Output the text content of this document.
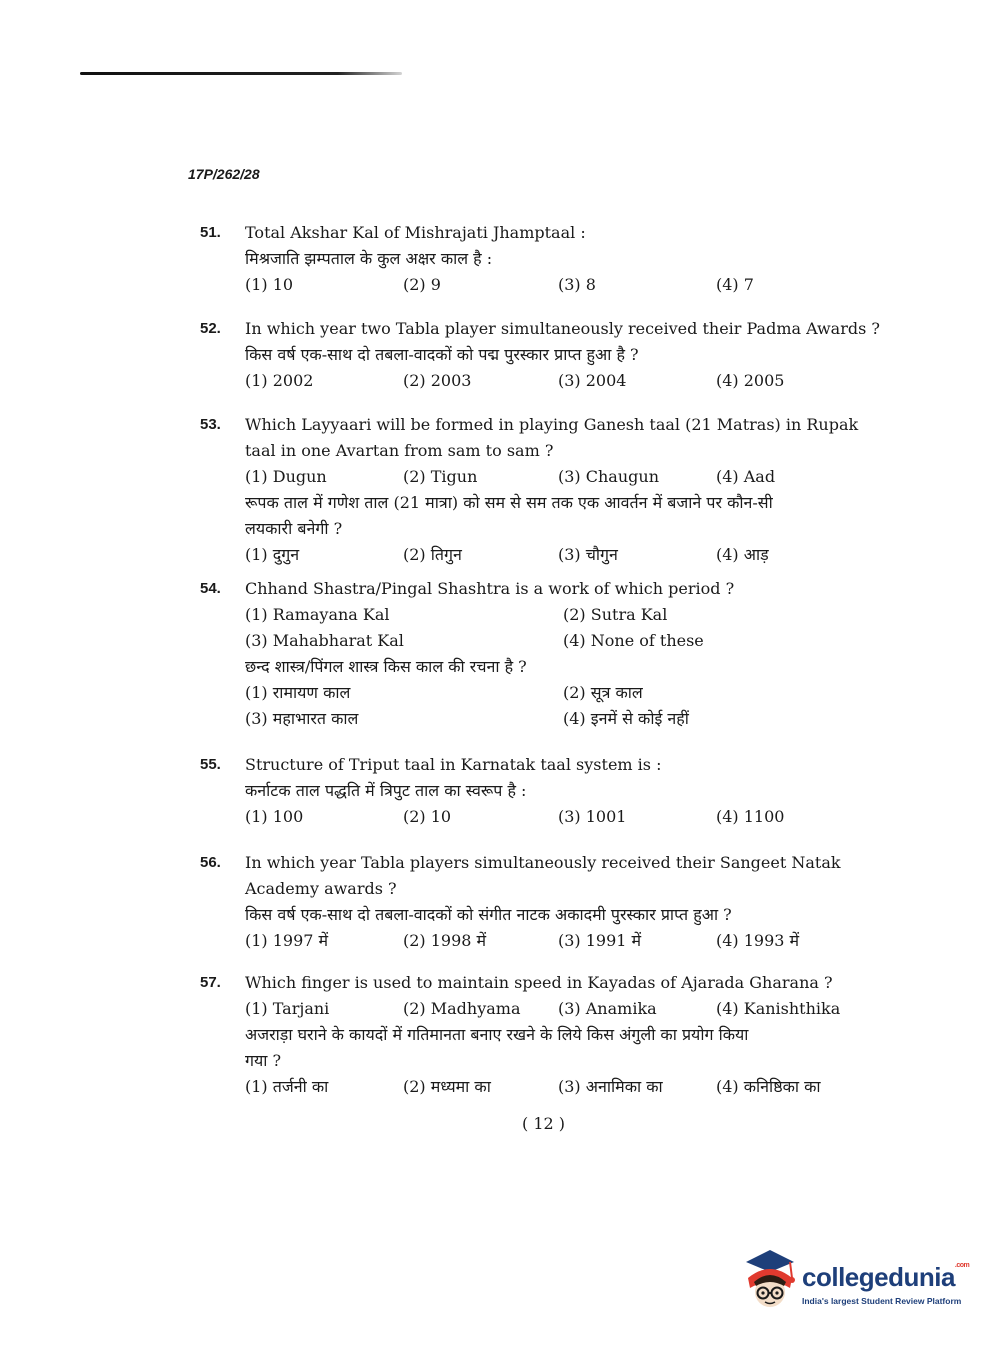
17P/262/28
51. Total Akshar Kal of Mishrajati Jhamptaal :
मिश्रजाति झम्पताल के कुल अक्षर काल है :
(1) 10	(2) 9	(3) 8	(4) 7
52. In which year two Tabla player simultaneously received their Padma Awards ?
किस वर्ष एक-साथ दो तबला-वादकों को पद्म पुरस्कार प्राप्त हुआ है ?
(1) 2002	(2) 2003	(3) 2004	(4) 2005
53. Which Layyaari will be formed in playing Ganesh taal (21 Matras) in Rupak
taal in one Avartan from sam to sam ?
(1) Dugun	(2) Tigun	(3) Chaugun	(4) Aad
रूपक ताल में गणेश ताल (21 मात्रा) को सम से सम तक एक आवर्तन में बजाने पर कौन-सी
लयकारी बनेगी ?
(1) दुगुन	(2) तिगुन	(3) चौगुन	(4) आड़
54. Chhand Shastra/Pingal Shashtra is a work of which period ?
(1) Ramayana Kal	(2) Sutra Kal
(3) Mahabharat Kal	(4) None of these
छन्द शास्त्र/पिंगल शास्त्र किस काल की रचना है ?
(1) रामायण काल	(2) सूत्र काल
(3) महाभारत काल	(4) इनमें से कोई नहीं
55. Structure of Triput taal in Karnatak taal system is :
कर्नाटक ताल पद्धति में त्रिपुट ताल का स्वरूप है :
(1) 100	(2) 10	(3) 1001	(4) 1100
56. In which year Tabla players simultaneously received their Sangeet Natak
Academy awards ?
किस वर्ष एक-साथ दो तबला-वादकों को संगीत नाटक अकादमी पुरस्कार प्राप्त हुआ ?
(1) 1997 में	(2) 1998 में	(3) 1991 में	(4) 1993 में
57. Which finger is used to maintain speed in Kayadas of Ajarada Gharana ?
(1) Tarjani	(2) Madhyama (3) Anamika	(4) Kanishthika
अजराड़ा घराने के कायदों में गतिमानता बनाए रखने के लिये किस अंगुली का प्रयोग किया
गया ?
(1) तर्जनी का	(2) मध्यमा का	(3) अनामिका का	(4) कनिष्ठिका का
( 12 )
collegedunia$^{.com}$
India's largest Student Review Platform
